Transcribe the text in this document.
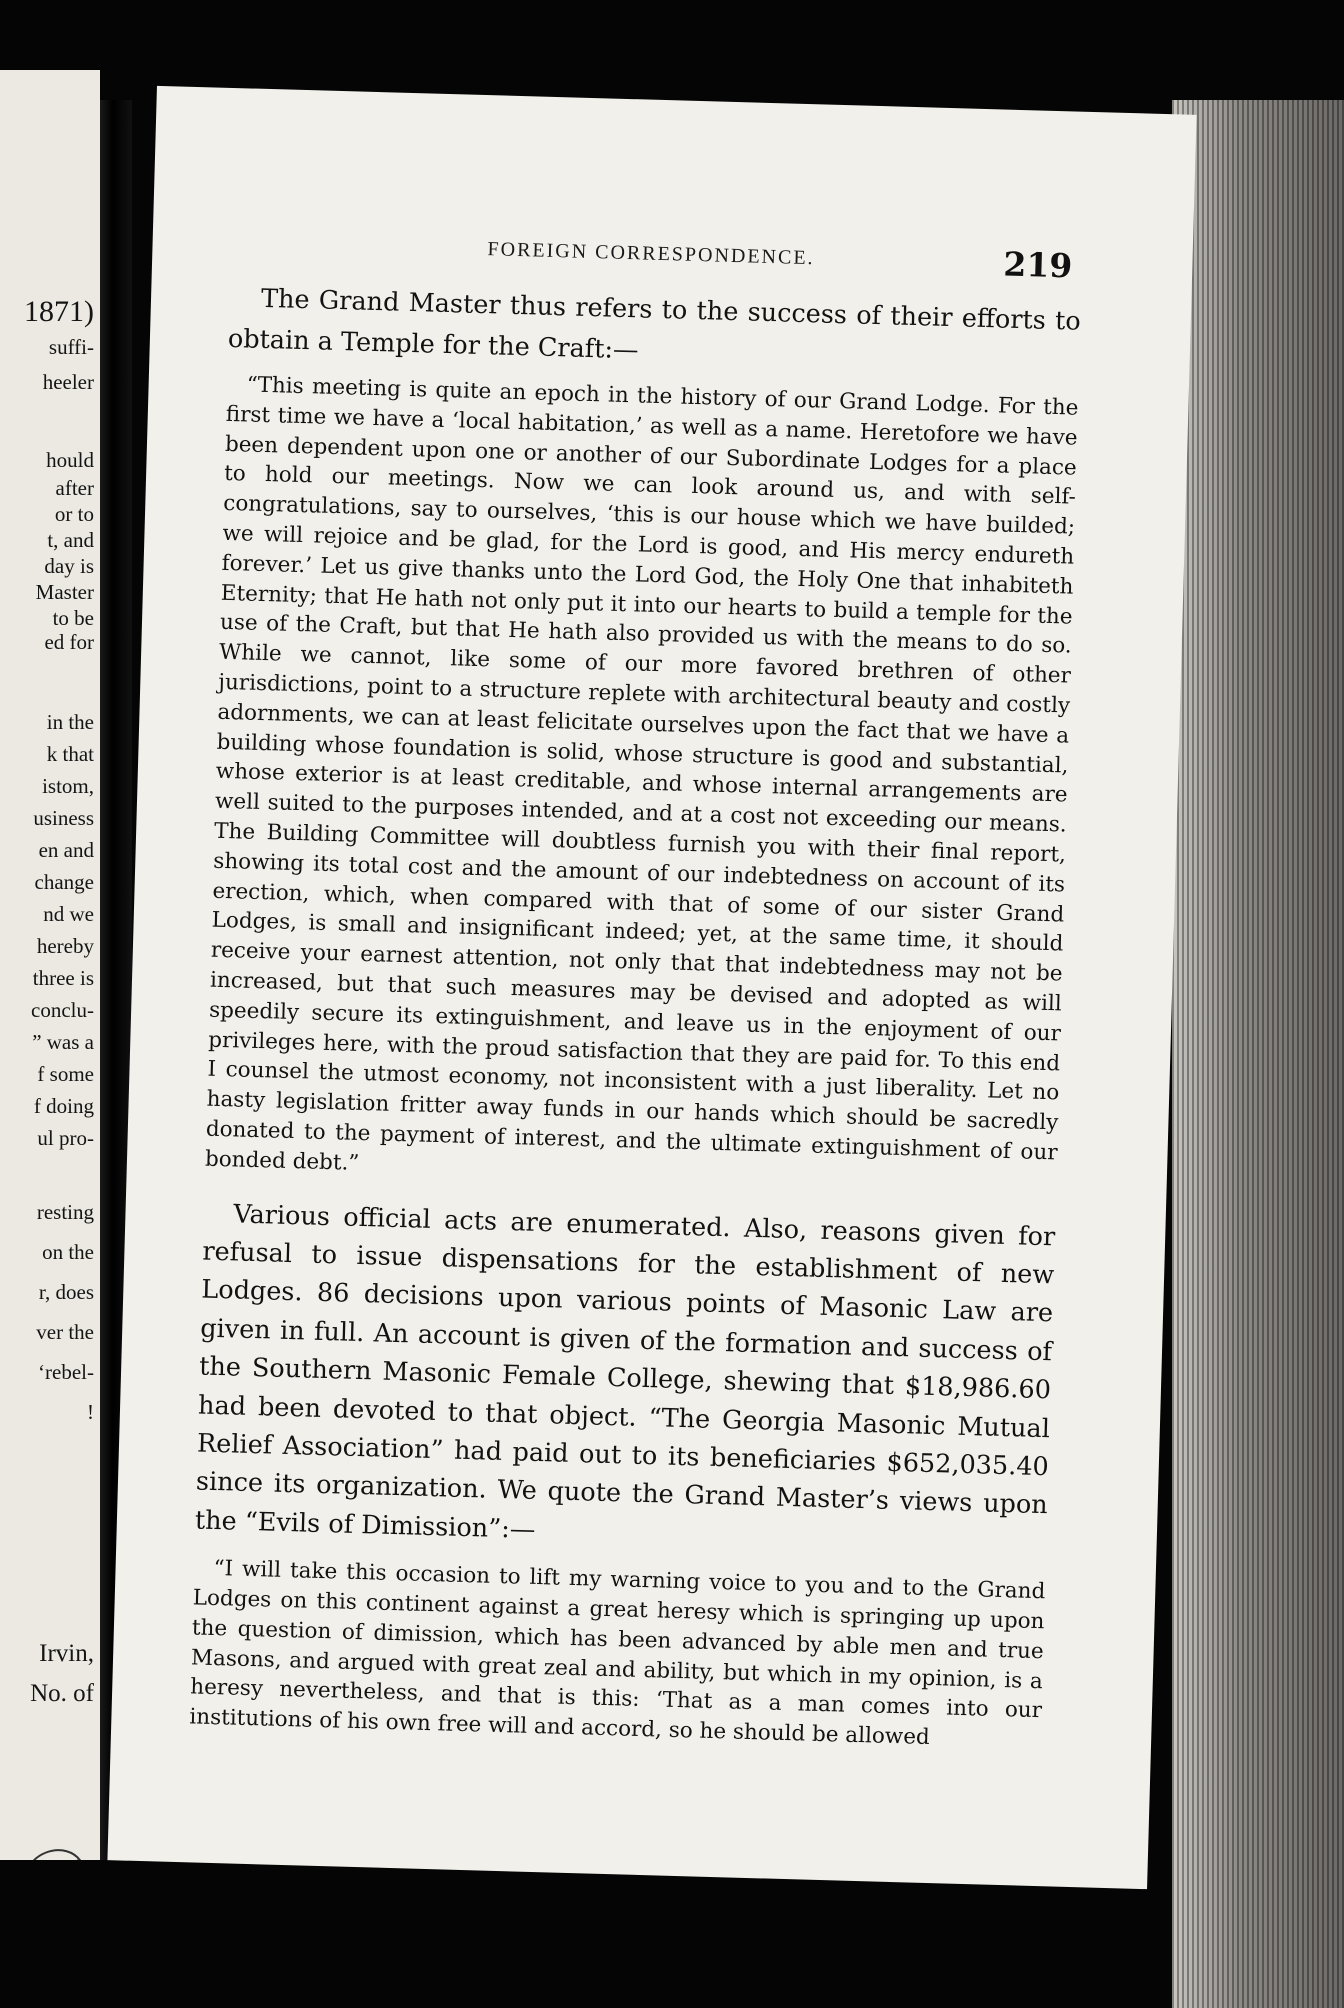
1871)
suffi-
heeler
hould
after
or to
t, and
day is
Master
to be
ed for
in the
k that
istom,
usiness
en and
change
nd we
hereby
three is
conclu-
” was a
f some
f doing
ul pro-
resting
on the
r, does
ver the
‘rebel-
!
Irvin,
No. of
FOREIGN CORRESPONDENCE.	219

The Grand Master thus refers to the success of their efforts to obtain a Temple for the Craft:—

“This meeting is quite an epoch in the history of our Grand Lodge. For the first time we have a ‘local habitation,’ as well as a name. Heretofore we have been dependent upon one or another of our Subordinate Lodges for a place to hold our meetings. Now we can look around us, and with self-congratulations, say to ourselves, ‘this is our house which we have builded; we will rejoice and be glad, for the Lord is good, and His mercy endureth forever.’ Let us give thanks unto the Lord God, the Holy One that inhabiteth Eternity; that He hath not only put it into our hearts to build a temple for the use of the Craft, but that He hath also provided us with the means to do so. While we cannot, like some of our more favored brethren of other jurisdictions, point to a structure replete with architectural beauty and costly adornments, we can at least felicitate ourselves upon the fact that we have a building whose foundation is solid, whose structure is good and substantial, whose exterior is at least creditable, and whose internal arrangements are well suited to the purposes intended, and at a cost not exceeding our means. The Building Committee will doubtless furnish you with their final report, showing its total cost and the amount of our indebtedness on account of its erection, which, when compared with that of some of our sister Grand Lodges, is small and insignificant indeed; yet, at the same time, it should receive your earnest attention, not only that that indebtedness may not be increased, but that such measures may be devised and adopted as will speedily secure its extinguishment, and leave us in the enjoyment of our privileges here, with the proud satisfaction that they are paid for. To this end I counsel the utmost economy, not inconsistent with a just liberality. Let no hasty legislation fritter away funds in our hands which should be sacredly donated to the payment of interest, and the ultimate extinguishment of our bonded debt.”

Various official acts are enumerated. Also, reasons given for refusal to issue dispensations for the establishment of new Lodges. 86 decisions upon various points of Masonic Law are given in full. An account is given of the formation and success of the Southern Masonic Female College, shewing that $18,986.60 had been devoted to that object. “The Georgia Masonic Mutual Relief Association” had paid out to its beneficiaries $652,035.40 since its organization. We quote the Grand Master’s views upon the “Evils of Dimission”:—

“I will take this occasion to lift my warning voice to you and to the Grand Lodges on this continent against a great heresy which is springing up upon the question of dimission, which has been advanced by able men and true Masons, and argued with great zeal and ability, but which in my opinion, is a heresy nevertheless, and that is this: ‘That as a man comes into our institutions of his own free will and accord, so he should be allowed
